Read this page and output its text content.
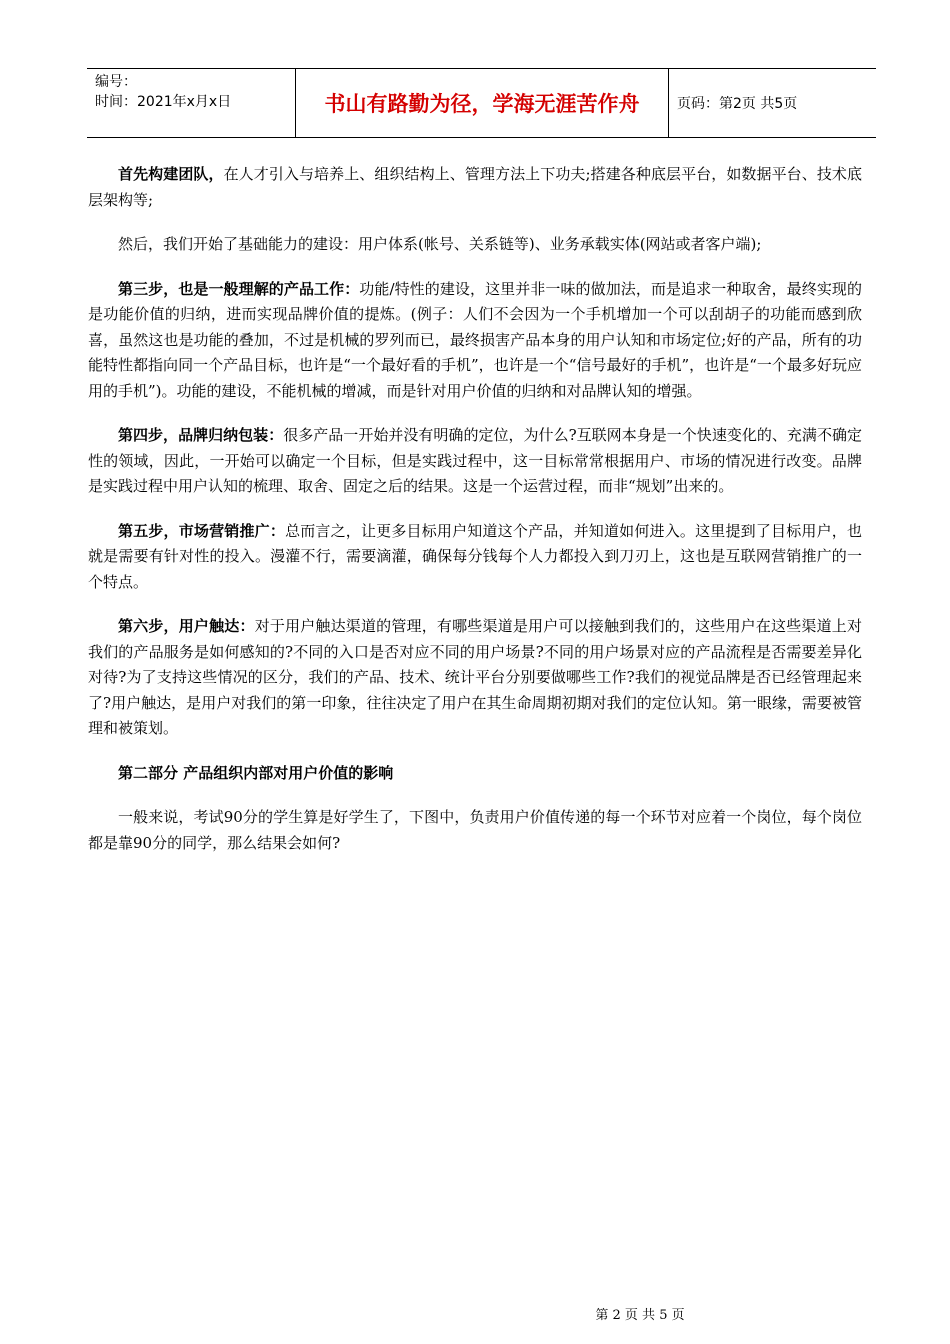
编号：
时间：2021年x月x日	书山有路勤为径，学海无涯苦作舟	页码：第2页 共5页

首先构建团队，在人才引入与培养上、组织结构上、管理方法上下功夫;搭建各种底层平台，如数据平台、技术底层架构等;

然后，我们开始了基础能力的建设：用户体系(帐号、关系链等)、业务承载实体(网站或者客户端);

第三步，也是一般理解的产品工作：功能/特性的建设，这里并非一味的做加法，而是追求一种取舍，最终实现的是功能价值的归纳，进而实现品牌价值的提炼。(例子：人们不会因为一个手机增加一个可以刮胡子的功能而感到欣喜，虽然这也是功能的叠加，不过是机械的罗列而已，最终损害产品本身的用户认知和市场定位;好的产品，所有的功能特性都指向同一个产品目标，也许是“一个最好看的手机”，也许是一个“信号最好的手机”，也许是“一个最多好玩应用的手机”)。功能的建设，不能机械的增减，而是针对用户价值的归纳和对品牌认知的增强。

第四步，品牌归纳包装：很多产品一开始并没有明确的定位，为什么?互联网本身是一个快速变化的、充满不确定性的领域，因此，一开始可以确定一个目标，但是实践过程中，这一目标常常根据用户、市场的情况进行改变。品牌是实践过程中用户认知的梳理、取舍、固定之后的结果。这是一个运营过程，而非“规划”出来的。

第五步，市场营销推广：总而言之，让更多目标用户知道这个产品，并知道如何进入。这里提到了目标用户，也就是需要有针对性的投入。漫灌不行，需要滴灌，确保每分钱每个人力都投入到刀刃上，这也是互联网营销推广的一个特点。

第六步，用户触达：对于用户触达渠道的管理，有哪些渠道是用户可以接触到我们的，这些用户在这些渠道上对我们的产品服务是如何感知的?不同的入口是否对应不同的用户场景?不同的用户场景对应的产品流程是否需要差异化对待?为了支持这些情况的区分，我们的产品、技术、统计平台分别要做哪些工作?我们的视觉品牌是否已经管理起来了?用户触达，是用户对我们的第一印象，往往决定了用户在其生命周期初期对我们的定位认知。第一眼缘，需要被管理和被策划。

第二部分 产品组织内部对用户价值的影响

一般来说，考试90分的学生算是好学生了，下图中，负责用户价值传递的每一个环节对应着一个岗位，每个岗位都是靠90分的同学，那么结果会如何?

第 2 页 共 5 页
